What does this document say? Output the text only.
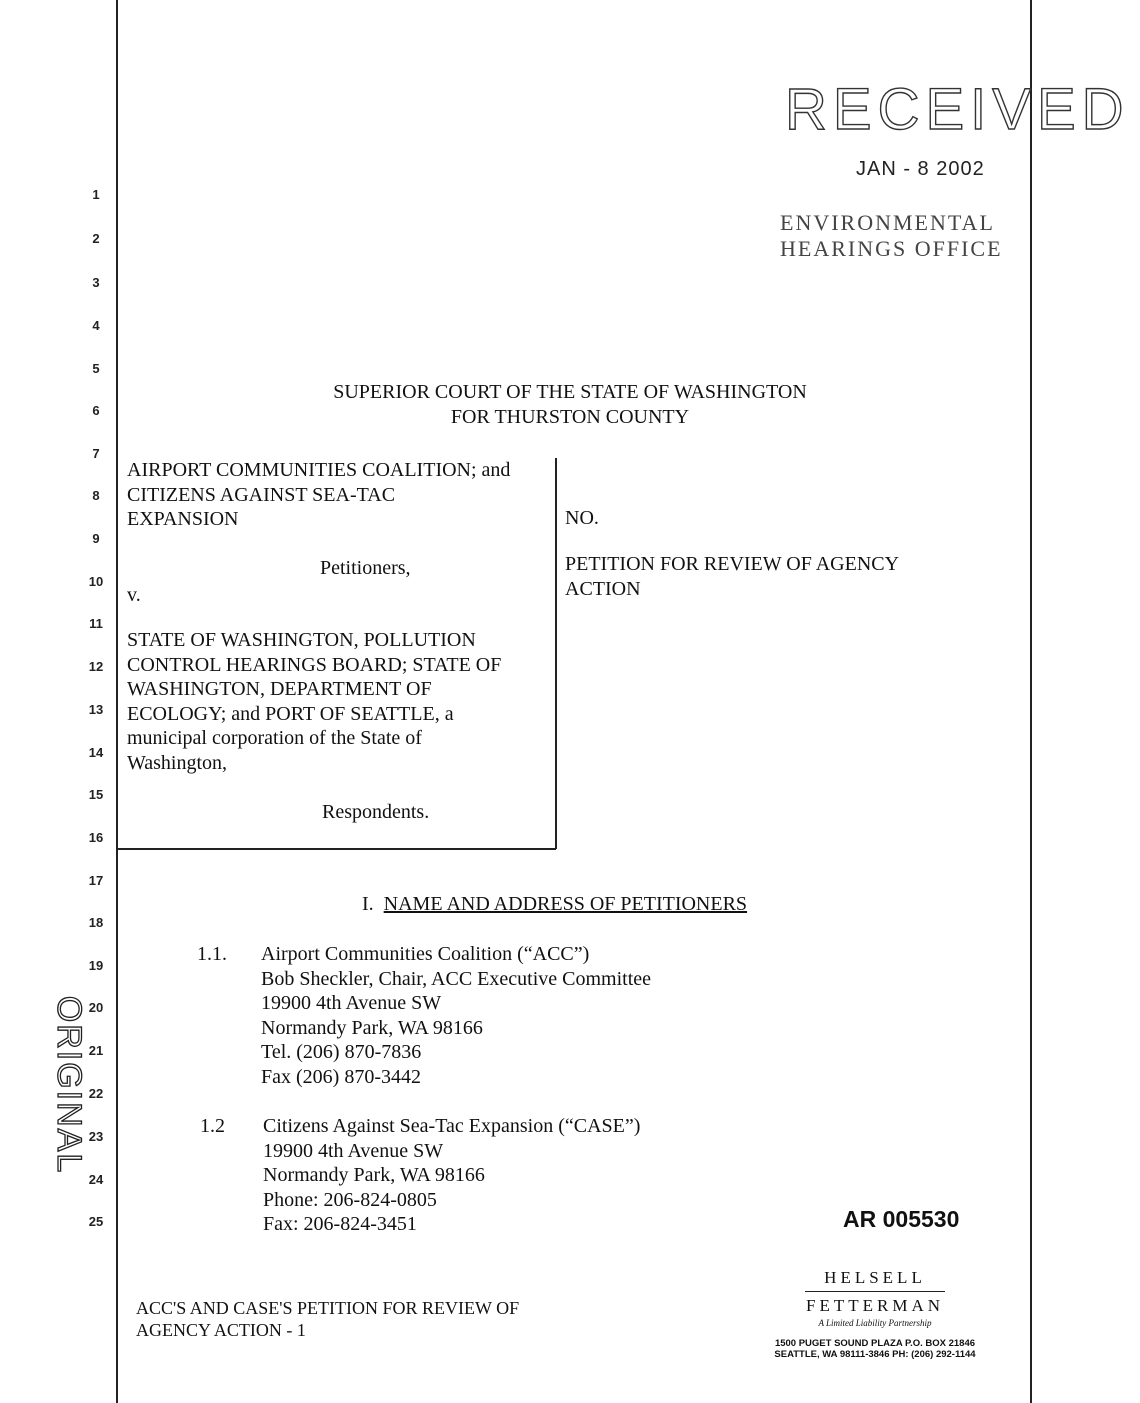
1
2
3
4
5
6
7
8
9
10
11
12
13
14
15
16
17
18
19
20
21
22
23
24
25
RECEIVED
JAN - 8 2002
ENVIRONMENTAL
HEARINGS OFFICE
SUPERIOR COURT OF THE STATE OF WASHINGTON
FOR THURSTON COUNTY
AIRPORT COMMUNITIES COALITION; and
CITIZENS AGAINST SEA-TAC
EXPANSION
Petitioners,
v.
STATE OF WASHINGTON, POLLUTION
CONTROL HEARINGS BOARD; STATE OF
WASHINGTON, DEPARTMENT OF
ECOLOGY; and PORT OF SEATTLE, a
municipal corporation of the State of
Washington,
Respondents.
NO.
PETITION FOR REVIEW OF AGENCY
ACTION
I. NAME AND ADDRESS OF PETITIONERS
1.1. Airport Communities Coalition (“ACC”)
Bob Sheckler, Chair, ACC Executive Committee
19900 4th Avenue SW
Normandy Park, WA 98166
Tel. (206) 870-7836
Fax (206) 870-3442
1.2 Citizens Against Sea-Tac Expansion (“CASE”)
19900 4th Avenue SW
Normandy Park, WA 98166
Phone: 206-824-0805
Fax: 206-824-3451	AR 005530
ACC'S AND CASE'S PETITION FOR REVIEW OF
AGENCY ACTION - 1
HELSELL
FETTERMAN
A Limited Liability Partnership
1500 PUGET SOUND PLAZA P.O. BOX 21846
SEATTLE, WA 98111-3846 PH: (206) 292-1144
ORIGINAL
